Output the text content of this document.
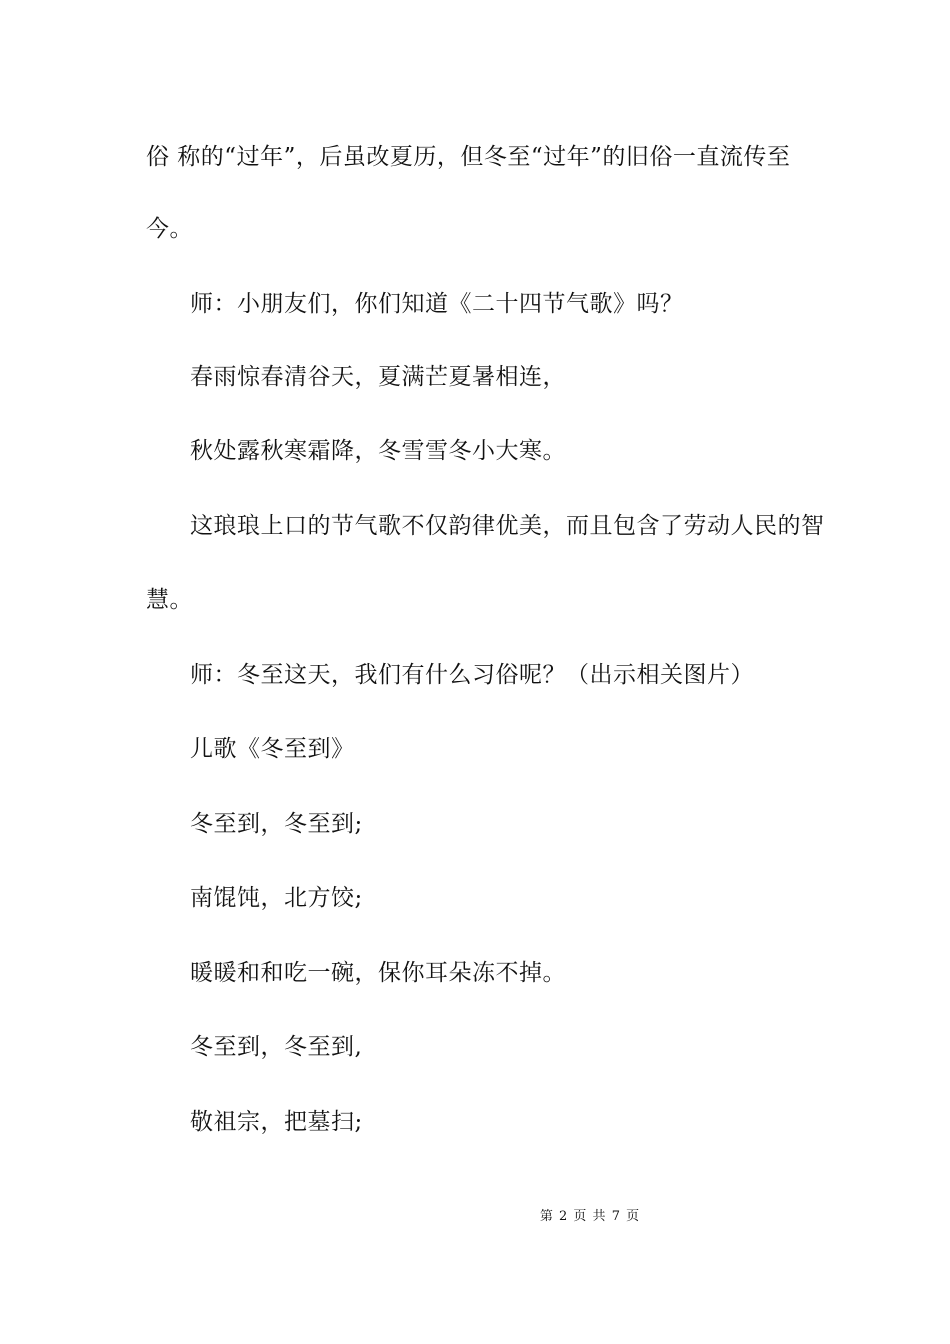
俗 称的“过年”，后虽改夏历，但冬至“过年”的旧俗一直流传至
今。
师：小朋友们，你们知道《二十四节气歌》吗？
春雨惊春清谷天，夏满芒夏暑相连，
秋处露秋寒霜降，冬雪雪冬小大寒。
这琅琅上口的节气歌不仅韵律优美，而且包含了劳动人民的智
慧。
师：冬至这天，我们有什么习俗呢？（出示相关图片）
儿歌《冬至到》
冬至到，冬至到;
南馄饨，北方饺;
暖暖和和吃一碗，保你耳朵冻不掉。
冬至到，冬至到,
敬祖宗，把墓扫;
第 2 页 共 7 页
